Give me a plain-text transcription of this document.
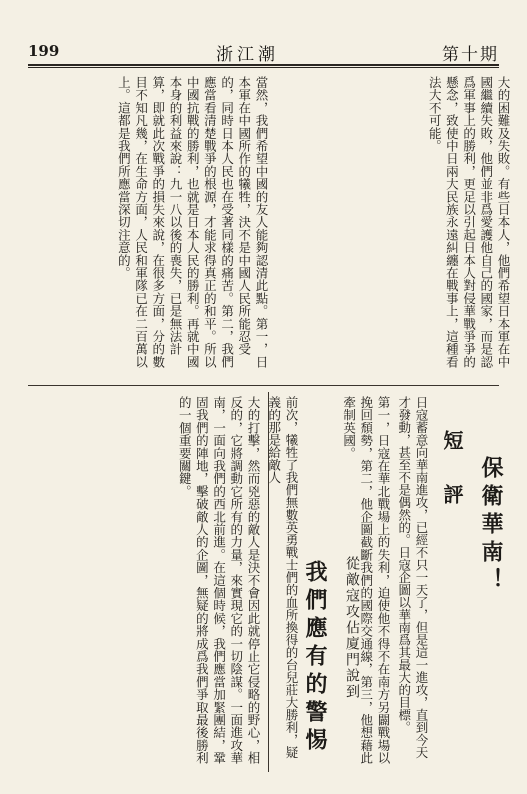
199	浙江潮	第十期
大的困難及失敗。有些日本人，他們希望日本軍在中國繼續失敗，他們並非爲愛護他自己的國家，而是認爲軍事上的勝利，更足以引起日本人對侵華戰爭爭的懸念，致使中日兩大民族永遠糾纏在戰事上，這種看法大不可能。
當然，我們希望中國的友人能夠認清此點。第一，日本軍在中國所作的犧牲，決不是中國人民所能忍受的，同時日本人民也在受著同樣的痛苦。第二，我們應當看清楚戰爭的根源，才能求得真正的和平。所以中國抗戰的勝利，也就是日本人民的勝利。再就中國本身的利益來說：九一八以後的喪失，已是無法計算，即就此次戰爭的損失來說，在很多方面，分的數目不知凡幾，在生命方面，人民和軍隊已在二百萬以上。這都是我們所應當深切注意的。
短評 保衛華南！
日寇蓄意向華南進攻，已經不只一天了，但是這一進攻，直到今天才發動，甚至不是偶然的。日寇企圖以華南爲其最大的目標。
第一，日寇在華北戰場上的失利，迫使他不得不在南方另闢戰場以挽回頹勢，第二，他企圖截斷我們的國際交通線，第三，他想藉此牽制英國。
大的打擊，然而兇惡的敵人是決不會因此就停止它侵略的野心，相反的，它將調動它所有的力量，來實現它的一切陰謀。一面進攻華南，一面向我們的西北前進。在這個時候，我們應當加緊團結，鞏固我們的陣地，擊破敵人的企圖，無疑的將成爲我們爭取最後勝利的一個重要關鍵。
從敵寇攻佔廈門說到
我們應有的警惕
前次，犧牲了我們無數英勇戰士們的血所換得的台兒莊大勝利，疑義的那是給敵人
